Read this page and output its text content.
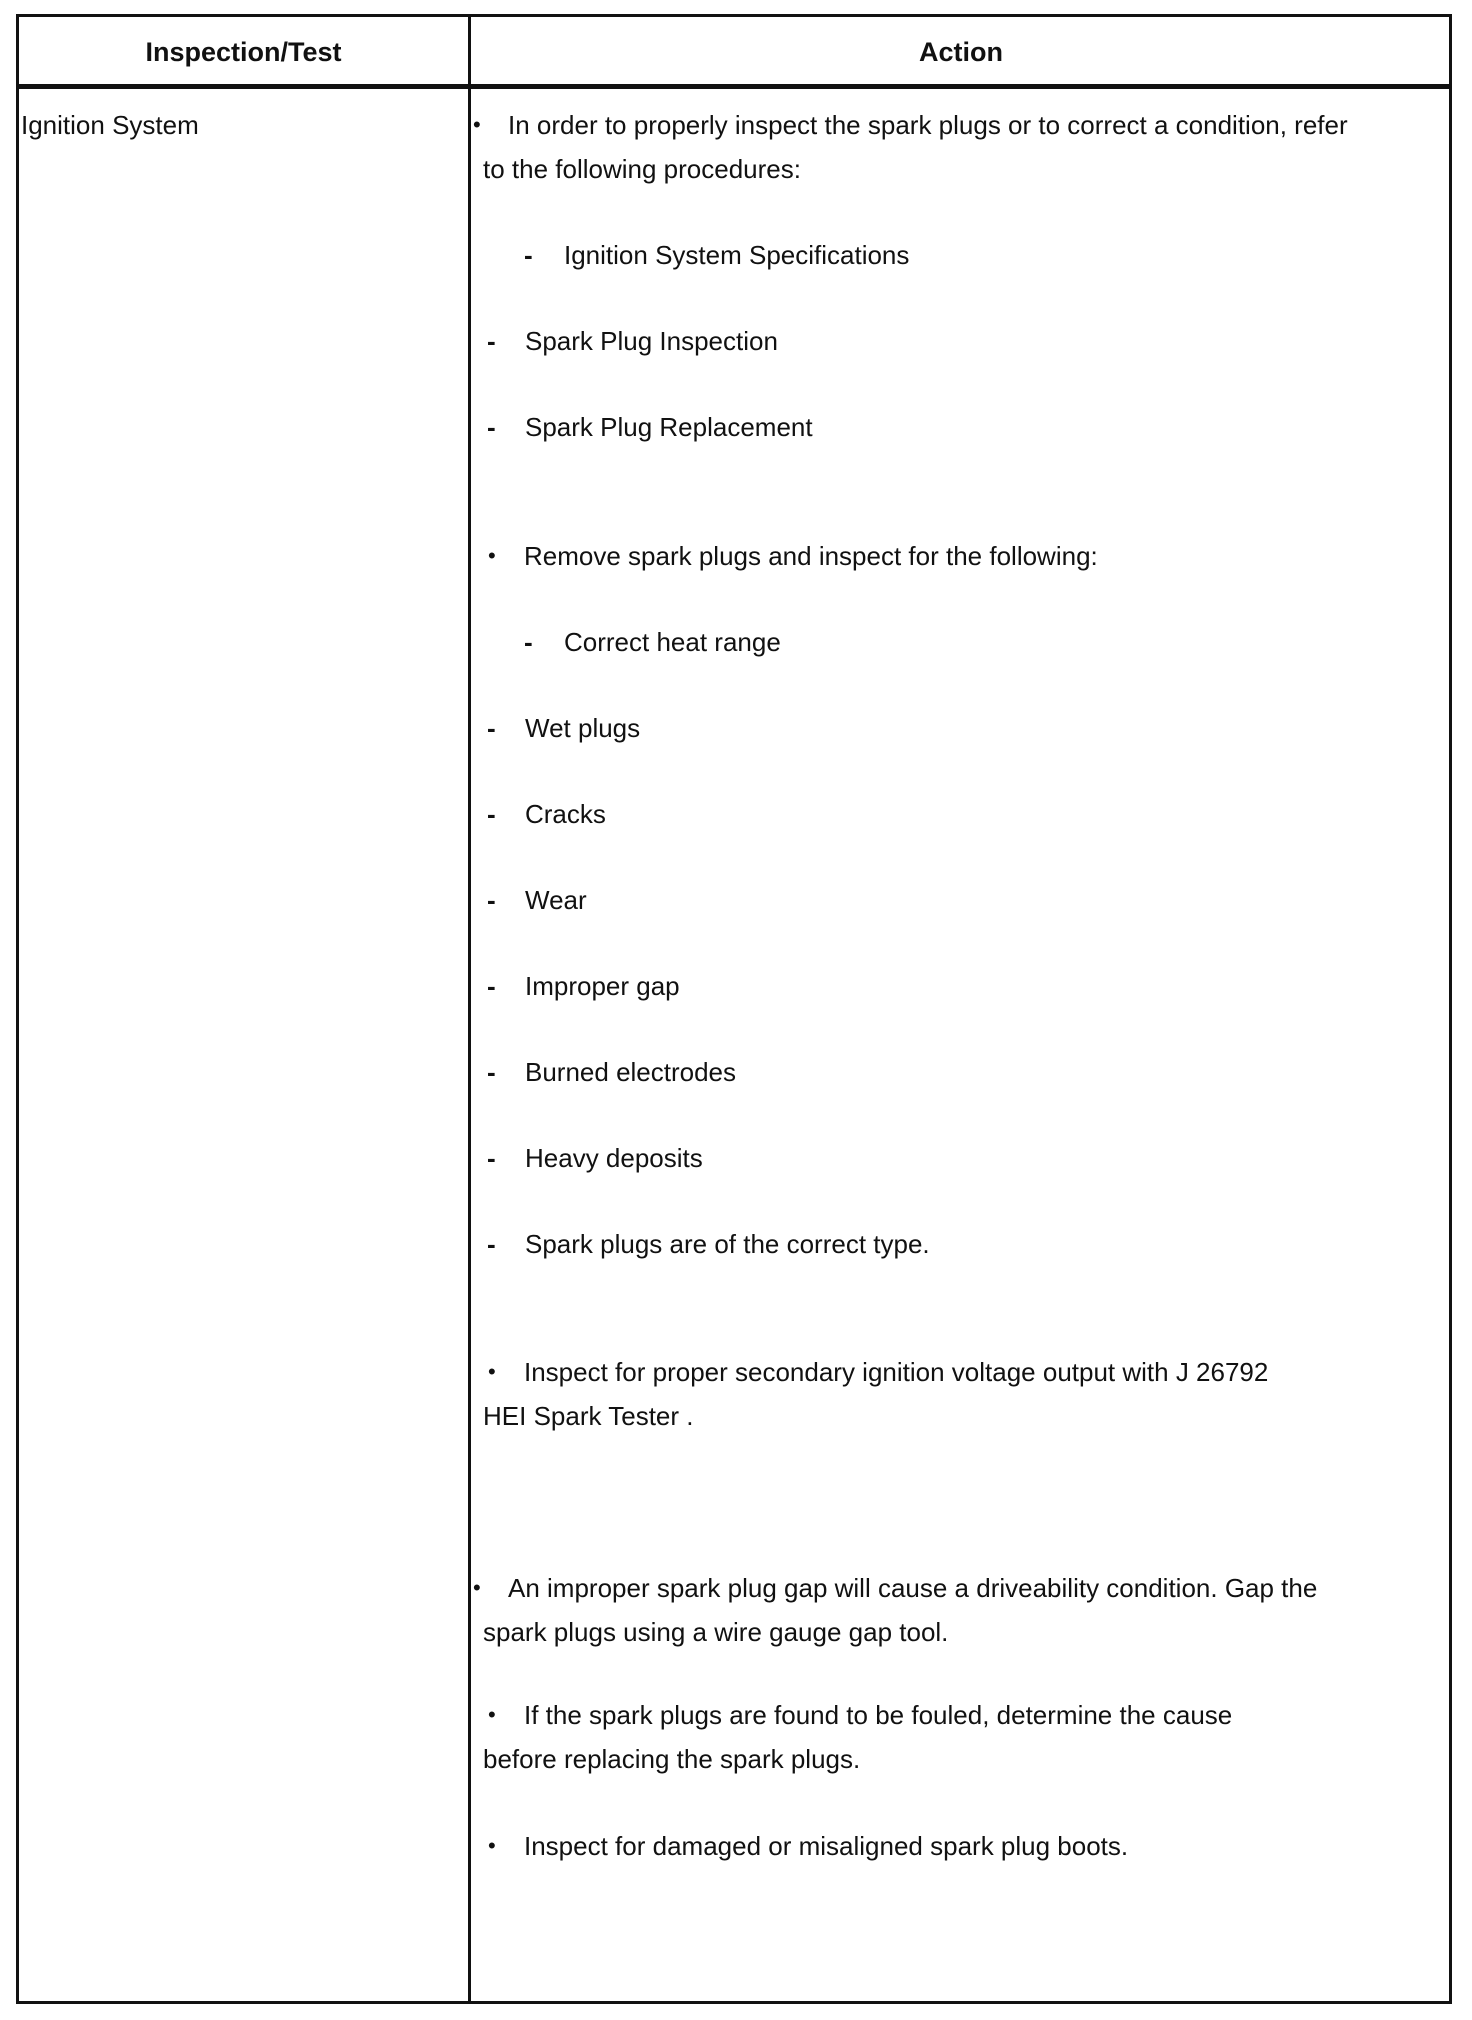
Inspection/Test	Action
Ignition System	• In order to properly inspect the spark plugs or to correct a condition, refer
to the following procedures:
- Ignition System Specifications
- Spark Plug Inspection
- Spark Plug Replacement
• Remove spark plugs and inspect for the following:
- Correct heat range
- Wet plugs
- Cracks
- Wear
- Improper gap
- Burned electrodes
- Heavy deposits
- Spark plugs are of the correct type.
• Inspect for proper secondary ignition voltage output with J 26792
HEI Spark Tester .
• An improper spark plug gap will cause a driveability condition. Gap the
spark plugs using a wire gauge gap tool.
• If the spark plugs are found to be fouled, determine the cause
before replacing the spark plugs.
• Inspect for damaged or misaligned spark plug boots.
